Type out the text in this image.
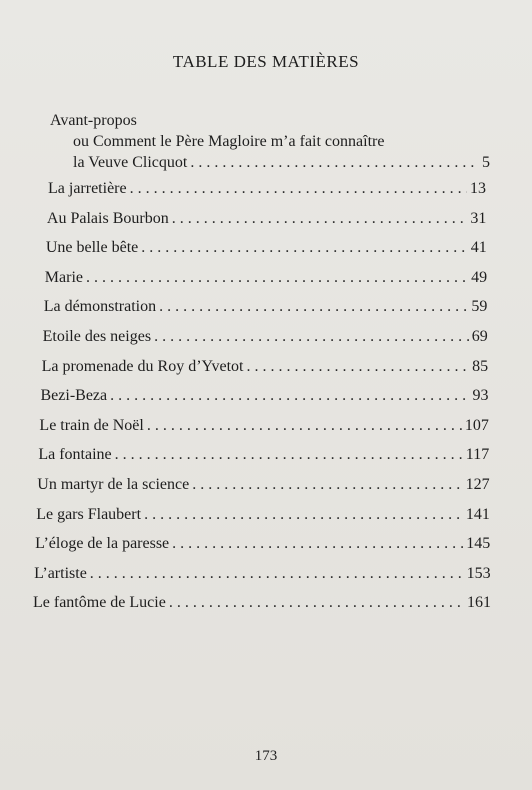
TABLE DES MATIÈRES
Avant-propos
ou Comment le Père Magloire m’a fait connaître
la Veuve Clicquot . . .	5
La jarretière . . .	13
Au Palais Bourbon . . .	31
Une belle bête . . .	41
Marie . . .	49
La démonstration . . .	59
Etoile des neiges . . .	69
La promenade du Roy d’Yvetot . . .	85
Bezi-Beza . . .	93
Le train de Noël . . .	107
La fontaine . . .	117
Un martyr de la science . . .	127
Le gars Flaubert . . .	141
L’éloge de la paresse . . .	145
L’artiste . . .	153
Le fantôme de Lucie . . .	161
173
